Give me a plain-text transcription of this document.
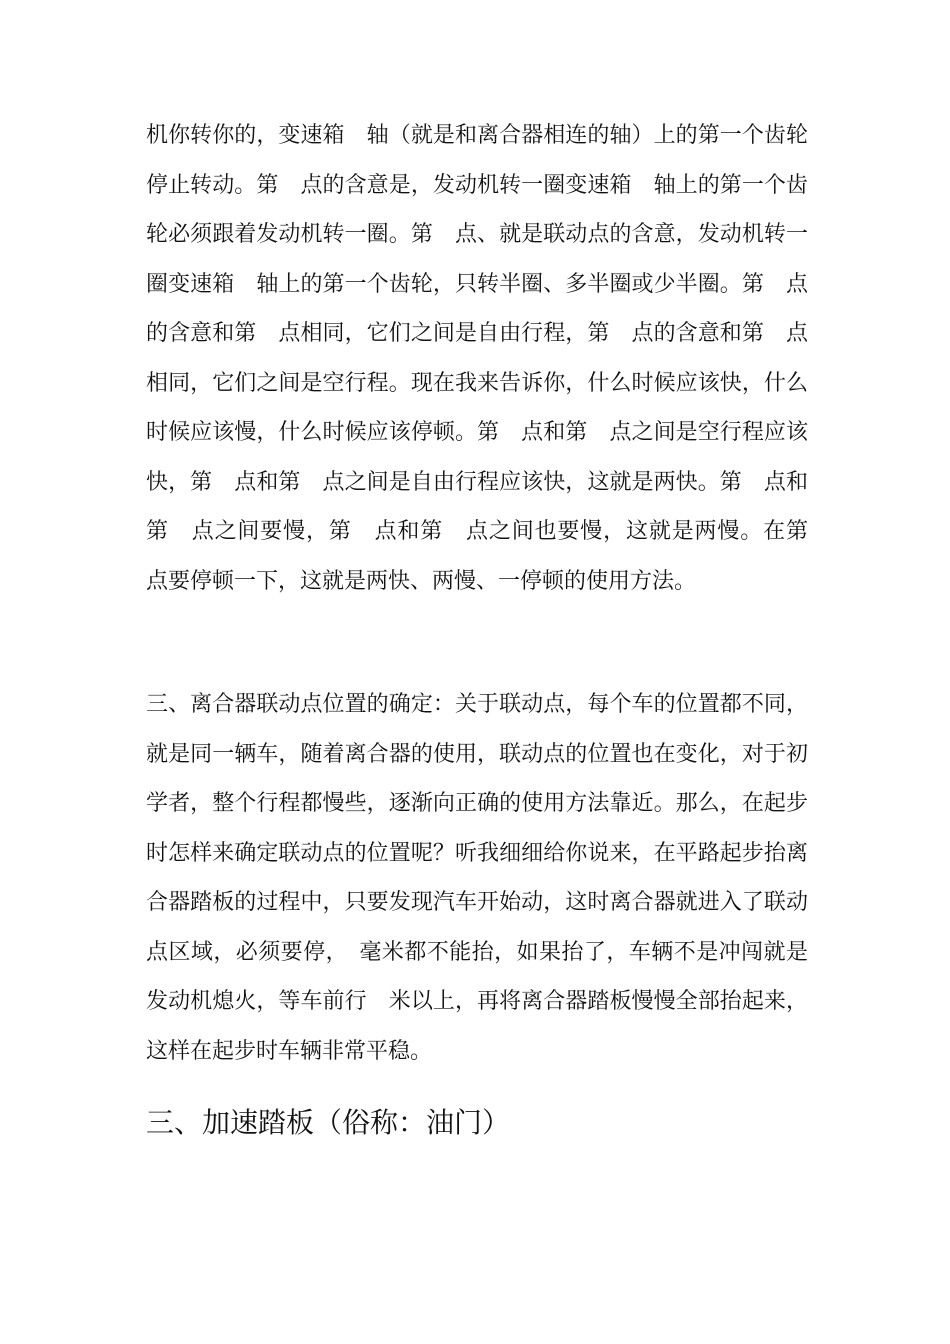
机你转你的，变速箱　轴（就是和离合器相连的轴）上的第一个齿轮停止转动。第　点的含意是，发动机转一圈变速箱　轴上的第一个齿轮必须跟着发动机转一圈。第　点、就是联动点的含意，发动机转一圈变速箱　轴上的第一个齿轮，只转半圈、多半圈或少半圈。第　点的含意和第　点相同，它们之间是自由行程，第　点的含意和第　点相同，它们之间是空行程。现在我来告诉你，什么时候应该快，什么时候应该慢，什么时候应该停顿。第　点和第　点之间是空行程应该快，第　点和第　点之间是自由行程应该快，这就是两快。第　点和第　点之间要慢，第　点和第　点之间也要慢，这就是两慢。在第　点要停顿一下，这就是两快、两慢、一停顿的使用方法。

三、离合器联动点位置的确定：关于联动点，每个车的位置都不同，就是同一辆车，随着离合器的使用，联动点的位置也在变化，对于初学者，整个行程都慢些，逐渐向正确的使用方法靠近。那么，在起步时怎样来确定联动点的位置呢？听我细细给你说来，在平路起步抬离合器踏板的过程中，只要发现汽车开始动，这时离合器就进入了联动点区域，必须要停，　毫米都不能抬，如果抬了，车辆不是冲闯就是发动机熄火，等车前行　米以上，再将离合器踏板慢慢全部抬起来，这样在起步时车辆非常平稳。

三、加速踏板（俗称：油门）
